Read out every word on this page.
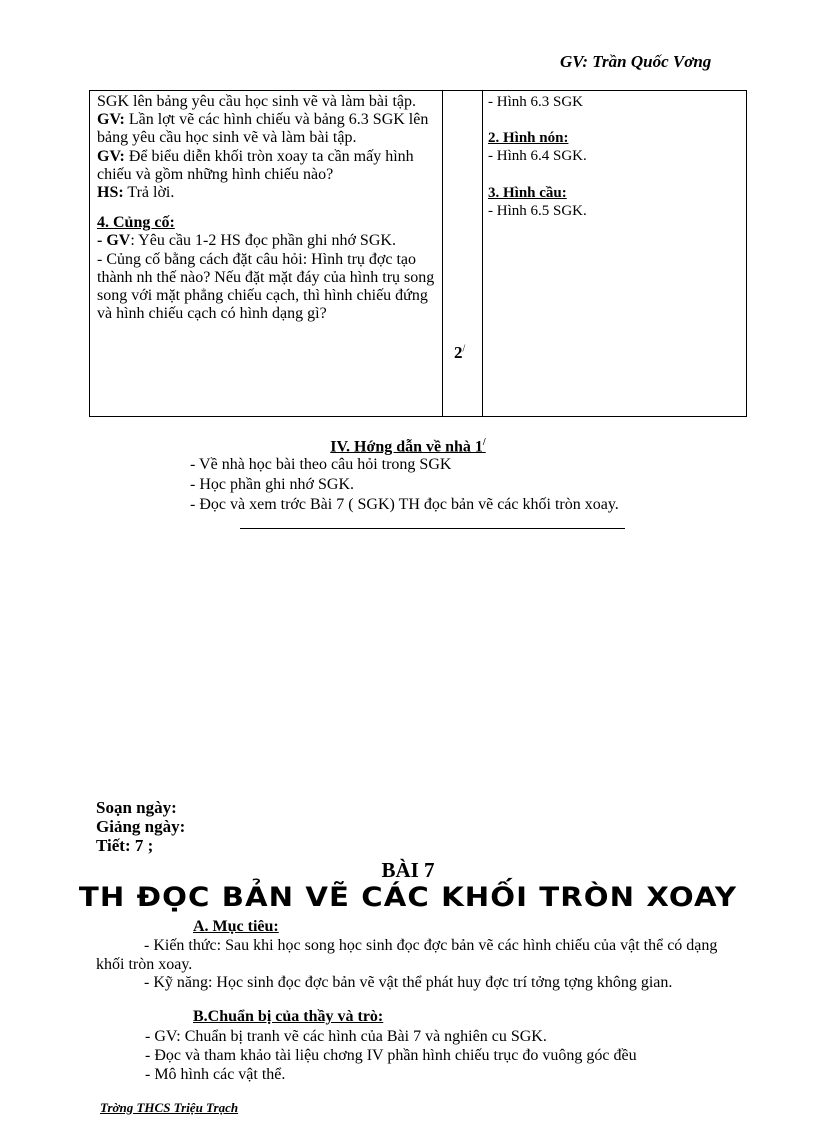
GV: Trần Quốc Vơng
SGK lên bảng yêu cầu học sinh vẽ và làm bài tập.
GV: Lần lợt vẽ các hình chiếu và bảng 6.3 SGK lên bảng yêu cầu học sinh vẽ và làm bài tập.
GV: Để biểu diễn khối tròn xoay ta cần mấy hình chiếu và gồm những hình chiếu nào?
HS: Trả lời.
4. Củng cố:
- GV: Yêu cầu 1-2 HS đọc phần ghi nhớ SGK.
- Củng cố bằng cách đặt câu hỏi: Hình trụ đợc tạo thành nh thế nào? Nếu đặt mặt đáy của hình trụ song song với mặt phẳng chiếu cạch, thì hình chiếu đứng và hình chiếu cạch có hình dạng gì?
2/
- Hình 6.3 SGK
2. Hình nón:
- Hình 6.4 SGK.
3. Hình cầu:
- Hình 6.5 SGK.
IV. Hớng dẫn về nhà 1/
- Về nhà học bài theo câu hỏi trong SGK
- Học phần ghi nhớ SGK.
- Đọc và xem trớc Bài 7 ( SGK) TH đọc bản vẽ các khối tròn xoay.
Soạn ngày:
Giảng ngày:
Tiết: 7 ;
BÀI 7
TH ĐỌC BẢN VẼ CÁC KHỐI TRÒN XOAY
A. Mục tiêu:
- Kiến thức: Sau khi học song học sinh đọc đợc bản vẽ các hình chiếu của vật thể có dạng khối tròn xoay.
- Kỹ năng: Học sinh đọc đợc bản vẽ vật thể phát huy đợc trí tởng tợng không gian.
B.Chuẩn bị của thầy và trò:
- GV: Chuẩn bị tranh vẽ các hình của Bài 7 và nghiên cu SGK.
- Đọc và tham khảo tài liệu chơng IV phần hình chiếu trục đo vuông góc đều
- Mô hình các vật thể.
Trờng THCS Triệu Trạch
